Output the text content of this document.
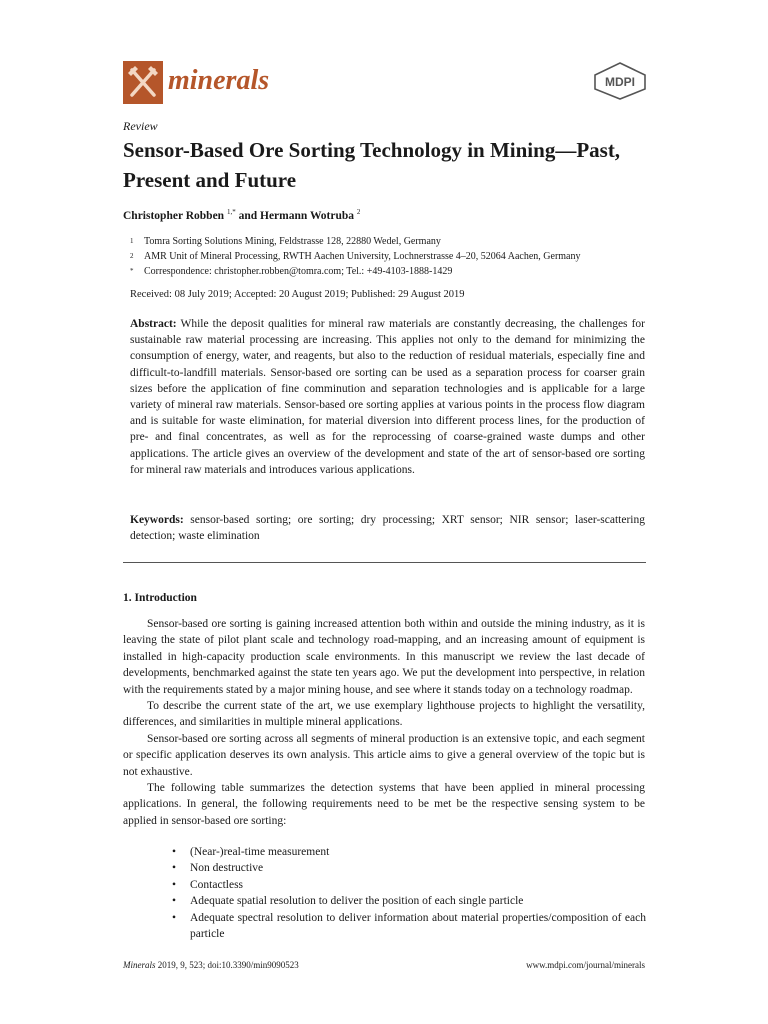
minerals	MDPI
Review
Sensor-Based Ore Sorting Technology in Mining—Past, Present and Future
Christopher Robben $^{1,*}$ and Hermann Wotruba $^2$
1 Tomra Sorting Solutions Mining, Feldstrasse 128, 22880 Wedel, Germany
2 AMR Unit of Mineral Processing, RWTH Aachen University, Lochnerstrasse 4–20, 52064 Aachen, Germany
* Correspondence: christopher.robben@tomra.com; Tel.: +49-4103-1888-1429
Received: 08 July 2019; Accepted: 20 August 2019; Published: 29 August 2019
Abstract: While the deposit qualities for mineral raw materials are constantly decreasing, the challenges for sustainable raw material processing are increasing. This applies not only to the demand for minimizing the consumption of energy, water, and reagents, but also to the reduction of residual materials, especially fine and difficult-to-landfill materials. Sensor-based ore sorting can be used as a separation process for coarser grain sizes before the application of fine comminution and separation technologies and is applicable for a large variety of mineral raw materials. Sensor-based ore sorting applies at various points in the process flow diagram and is suitable for waste elimination, for material diversion into different process lines, for the production of pre- and final concentrates, as well as for the reprocessing of coarse-grained waste dumps and other applications. The article gives an overview of the development and state of the art of sensor-based ore sorting for mineral raw materials and introduces various applications.
Keywords: sensor-based sorting; ore sorting; dry processing; XRT sensor; NIR sensor; laser-scattering detection; waste elimination
1. Introduction

Sensor-based ore sorting is gaining increased attention both within and outside the mining industry, as it is leaving the state of pilot plant scale and technology road-mapping, and an increasing amount of equipment is installed in high-capacity production scale environments. In this manuscript we review the last decade of developments, benchmarked against the state ten years ago. We put the development into perspective, in relation with the requirements stated by a major mining house, and see where it stands today on a technology roadmap.

To describe the current state of the art, we use exemplary lighthouse projects to highlight the versatility, differences, and similarities in multiple mineral applications.

Sensor-based ore sorting across all segments of mineral production is an extensive topic, and each segment or specific application deserves its own analysis. This article aims to give a general overview of the topic but is not exhaustive.

The following table summarizes the detection systems that have been applied in mineral processing applications. In general, the following requirements need to be met be the respective sensing system to be applied in sensor-based ore sorting:

• (Near-)real-time measurement
• Non destructive
• Contactless
• Adequate spatial resolution to deliver the position of each single particle
• Adequate spectral resolution to deliver information about material properties/composition of each particle
Minerals 2019, 9, 523; doi:10.3390/min9090523	www.mdpi.com/journal/minerals
